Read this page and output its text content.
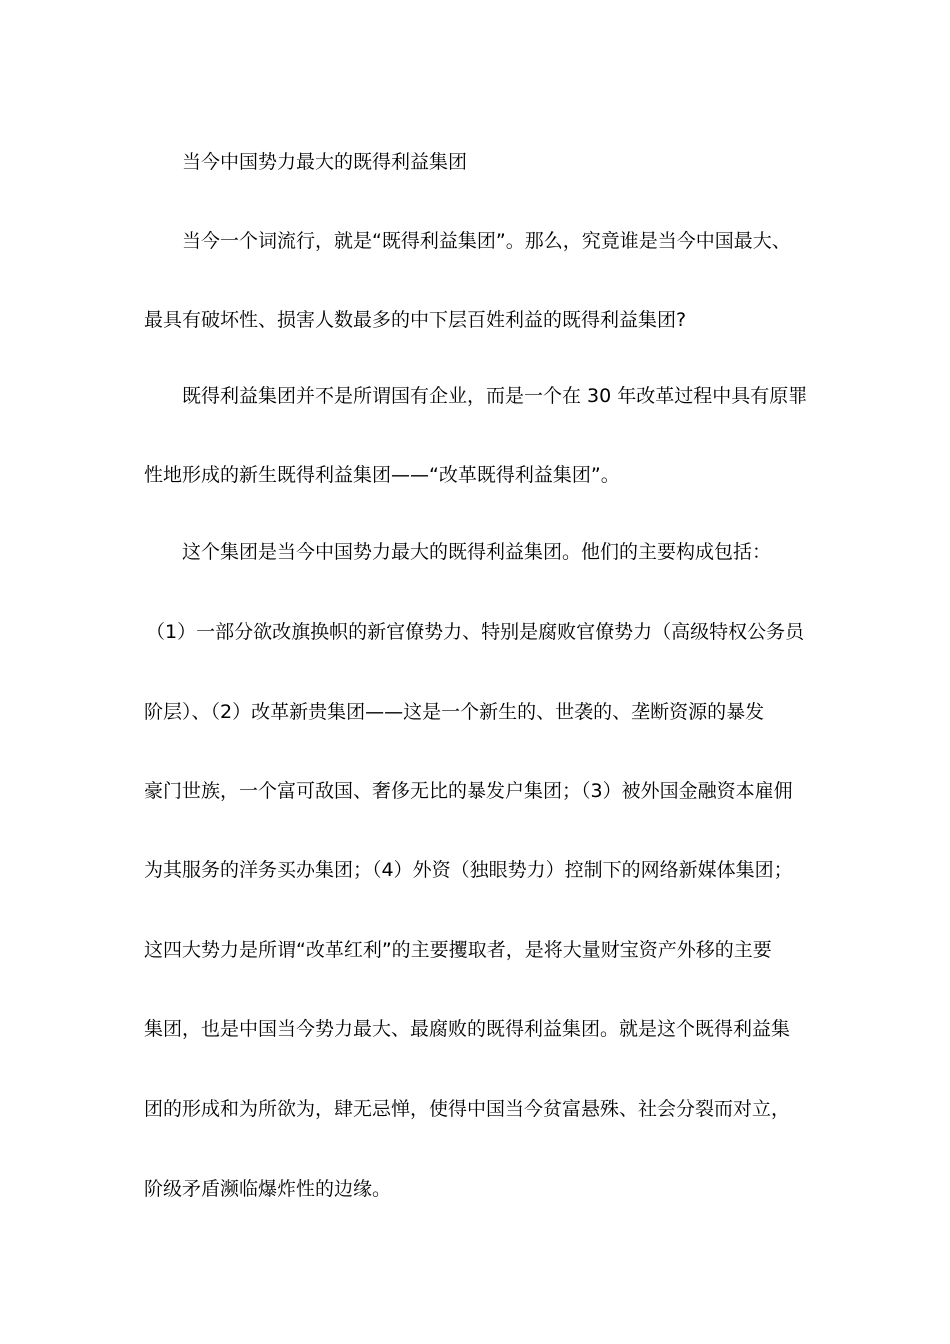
当今中国势力最大的既得利益集团
当今一个词流行，就是“既得利益集团”。那么，究竟谁是当今中国最大、
最具有破坏性、损害人数最多的中下层百姓利益的既得利益集团?
既得利益集团并不是所谓国有企业，而是一个在 30 年改革过程中具有原罪
性地形成的新生既得利益集团——“改革既得利益集团”。
这个集团是当今中国势力最大的既得利益集团。他们的主要构成包括：
（1）一部分欲改旗换帜的新官僚势力、特别是腐败官僚势力（高级特权公务员
阶层）、（2）改革新贵集团——这是一个新生的、世袭的、垄断资源的暴发
豪门世族，一个富可敌国、奢侈无比的暴发户集团；（3）被外国金融资本雇佣
为其服务的洋务买办集团；（4）外资（独眼势力）控制下的网络新媒体集团；
这四大势力是所谓“改革红利”的主要攫取者，是将大量财宝资产外移的主要
集团，也是中国当今势力最大、最腐败的既得利益集团。就是这个既得利益集
团的形成和为所欲为，肆无忌惮，使得中国当今贫富悬殊、社会分裂而对立，
阶级矛盾濒临爆炸性的边缘。
